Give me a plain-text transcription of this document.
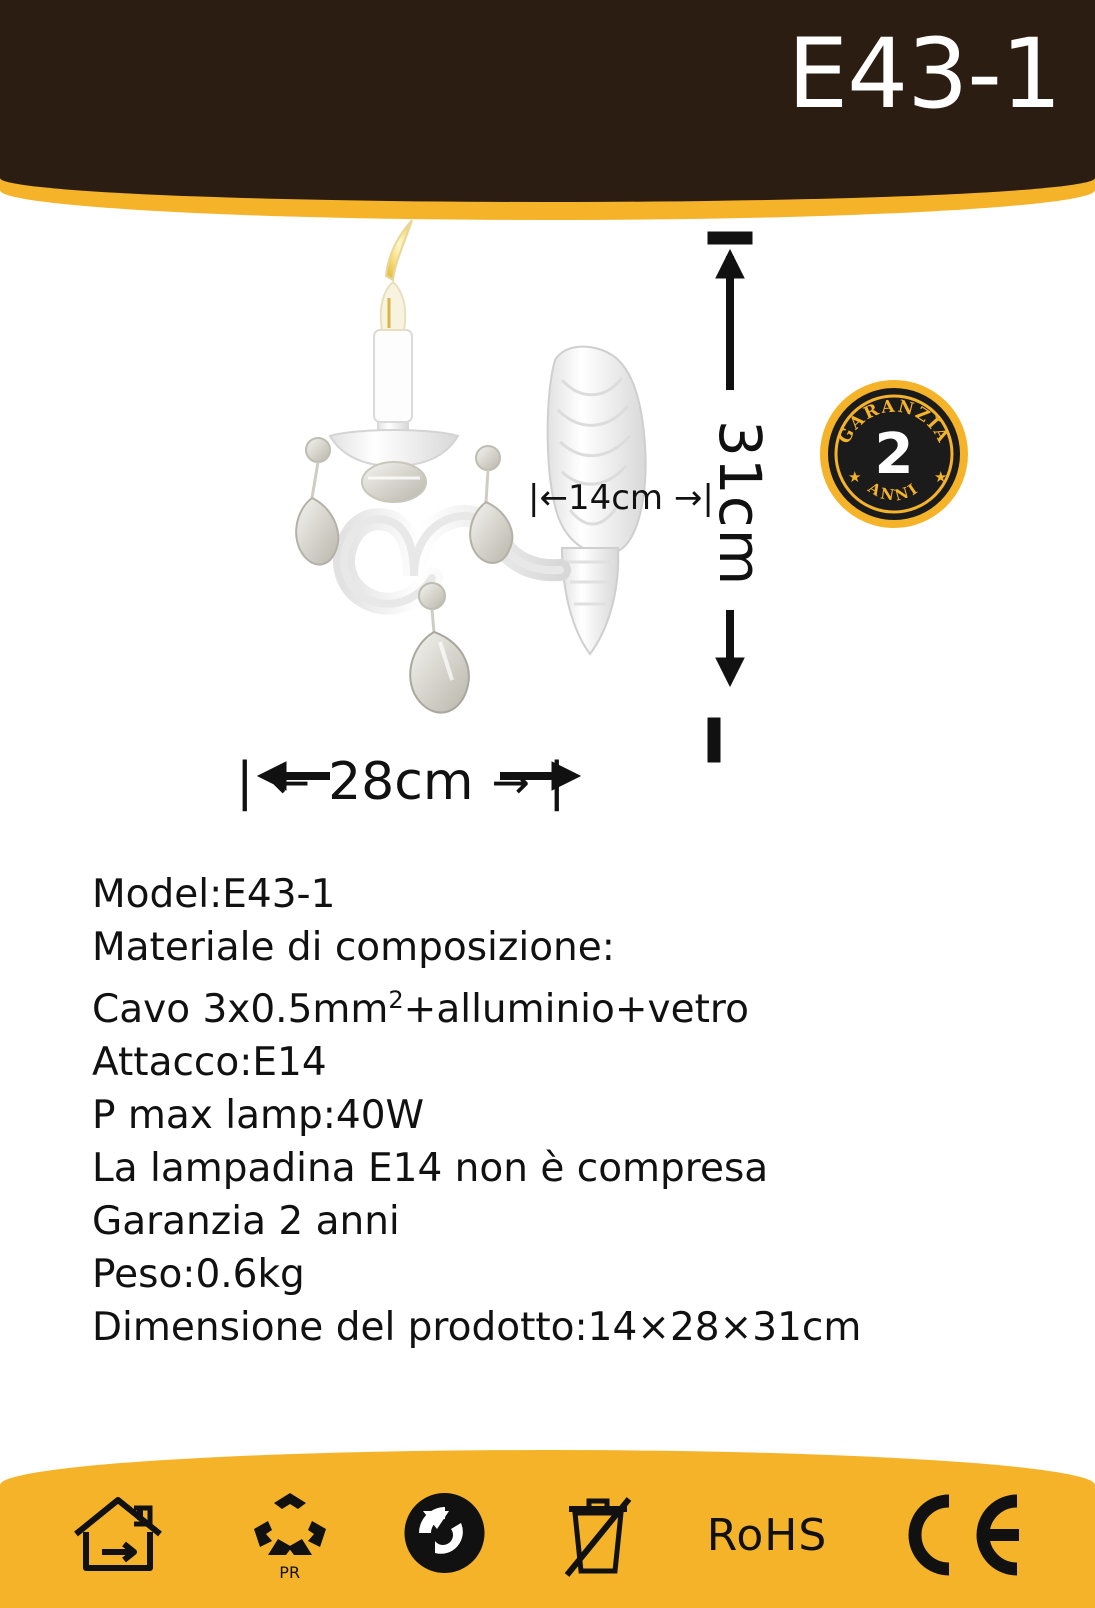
E43-1
|←14cm →|
31cm
| ← 28cm → |
GARANZIA
ANNI
2
★	★
Model:E43-1
Materiale di composizione:
Cavo $3x0.5mm^2+alluminio+vetro$
Attacco:E14
P max lamp:40W
La lampadina E14 non è compresa
Garanzia 2 anni
Peso:0.6kg
Dimensione del prodotto:14×28×31cm
PR
RoHS
